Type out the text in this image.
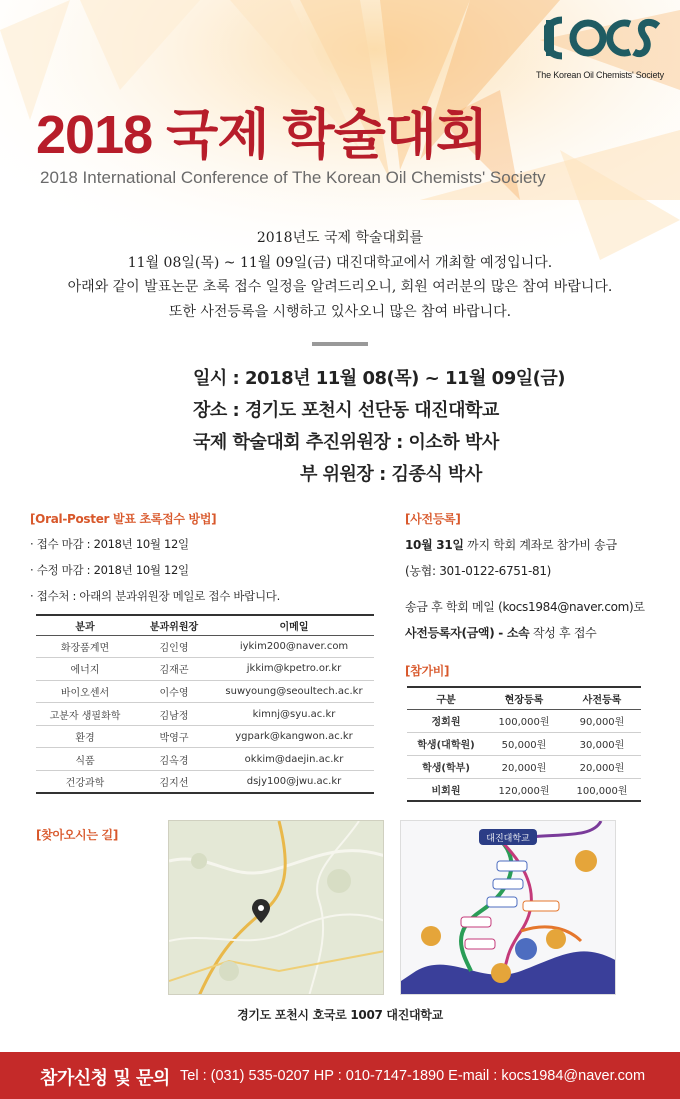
The Korean Oil Chemists' Society
2018 국제 학술대회
2018 International Conference of The Korean Oil Chemists' Society
2018년도 국제 학술대회를
11월 08일(목) ~ 11월 09일(금) 대진대학교에서 개최할 예정입니다.
아래와 같이 발표논문 초록 접수 일정을 알려드리오니, 회원 여러분의 많은 참여 바랍니다.
또한 사전등록을 시행하고 있사오니 많은 참여 바랍니다.
일시 : 2018년 11월 08(목) ~ 11월 09일(금)
장소 : 경기도 포천시 선단동 대진대학교
국제 학술대회 추진위원장 : 이소하 박사
부 위원장 : 김종식 박사
[Oral-Poster 발표 초록접수 방법]
· 접수 마감 : 2018년 10월 12일
· 수정 마감 : 2018년 10월 12일
· 접수처 : 아래의 분과위원장 메일로 접수 바랍니다.
분과	분과위원장	이메일
화장품계면	김인영	iykim200@naver.com
에너지	김재곤	jkkim@kpetro.or.kr
바이오센서	이수영	suwyoung@seoultech.ac.kr
고분자 생필화학	김남정	kimnj@syu.ac.kr
환경	박영구	ygpark@kangwon.ac.kr
식품	김옥경	okkim@daejin.ac.kr
건강과학	김지선	dsjy100@jwu.ac.kr
[사전등록]
10월 31일 까지 학회 계좌로 참가비 송금
(농협: 301-0122-6751-81)
송금 후 학회 메일 (kocs1984@naver.com)로
사전등록자(금액) - 소속 작성 후 접수
[참가비]
구분	현장등록	사전등록
정회원	100,000원	90,000원
학생(대학원)	50,000원	30,000원
학생(학부)	20,000원	20,000원
비회원	120,000원	100,000원
[찾아오시는 길]	대진대학교
경기도 포천시 호국로 1007 대진대학교
참가신청 및 문의 Tel : (031) 535-0207 HP : 010-7147-1890 E-mail : kocs1984@naver.com
